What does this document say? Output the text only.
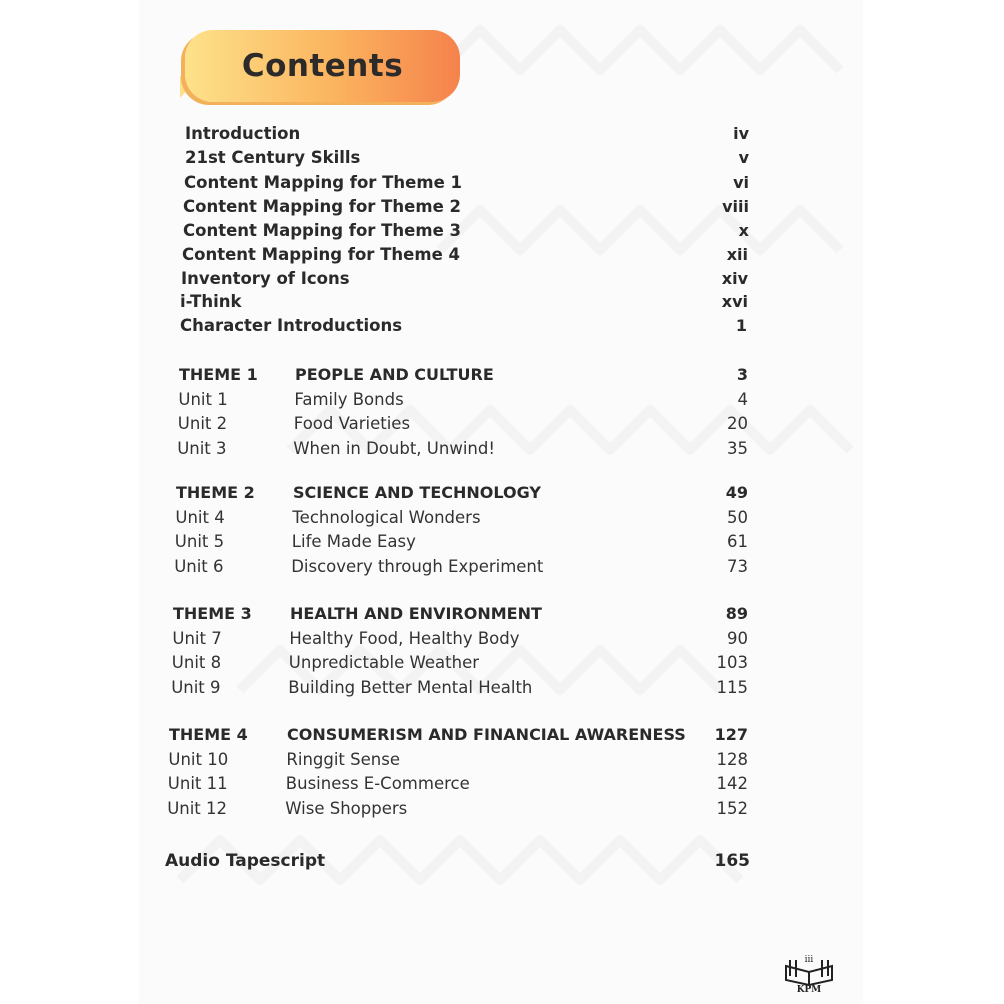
Contents
Introduction	iv
21st Century Skills	v
Content Mapping for Theme 1	vi
Content Mapping for Theme 2	viii
Content Mapping for Theme 3	x
Content Mapping for Theme 4	xii
Inventory of Icons	xiv
i-Think	xvi
Character Introductions	1
THEME 1 PEOPLE AND CULTURE	3
Unit 1	Family Bonds	4
Unit 2	Food Varieties	20
Unit 3	When in Doubt, Unwind!	35
THEME 2 SCIENCE AND TECHNOLOGY	49
Unit 4	Technological Wonders	50
Unit 5	Life Made Easy	61
Unit 6	Discovery through Experiment	73
THEME 3 HEALTH AND ENVIRONMENT	89
Unit 7	Healthy Food, Healthy Body	90
Unit 8	Unpredictable Weather	103
Unit 9	Building Better Mental Health	115
THEME 4 CONSUMERISM AND FINANCIAL AWARENESS 127
Unit 10	Ringgit Sense	128
Unit 11	Business E-Commerce	142
Unit 12	Wise Shoppers	152
Audio Tapescript	165
iii
KPM
